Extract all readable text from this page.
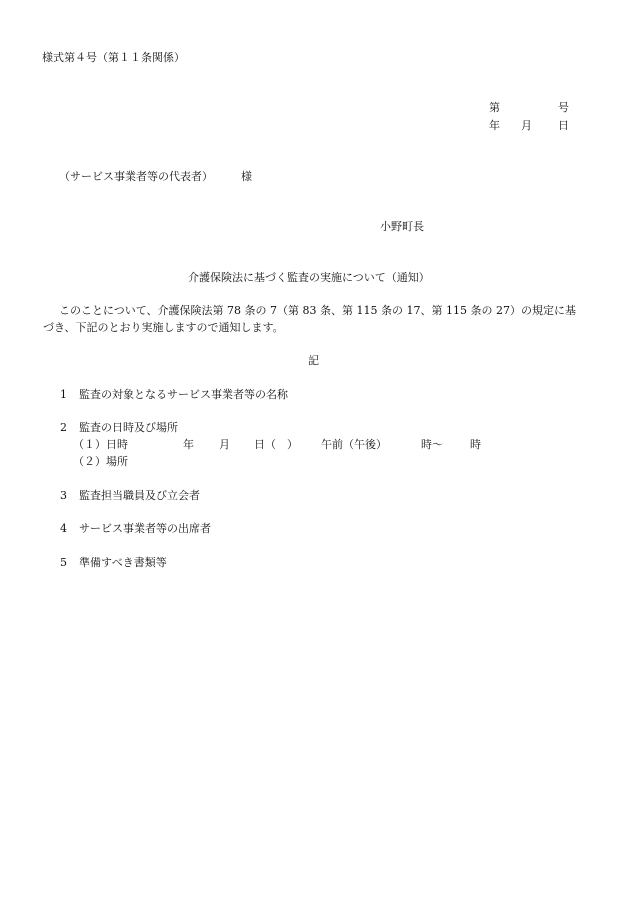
様式第４号（第１１条関係）
第	号
年 月 日
（サービス事業者等の代表者）	様
小野町長
介護保険法に基づく監査の実施について（通知）
このことについて、介護保険法第 78 条の 7（第 83 条、第 115 条の 17、第 115 条の 27）の規定に基
づき、下記のとおり実施しますので通知します。
記
1 監査の対象となるサービス事業者等の名称
2 監査の日時及び場所
（１）日時	年 月 日（　） 午前（午後）	時～ 時
（２）場所
3 監査担当職員及び立会者
4 サービス事業者等の出席者
5 準備すべき書類等
